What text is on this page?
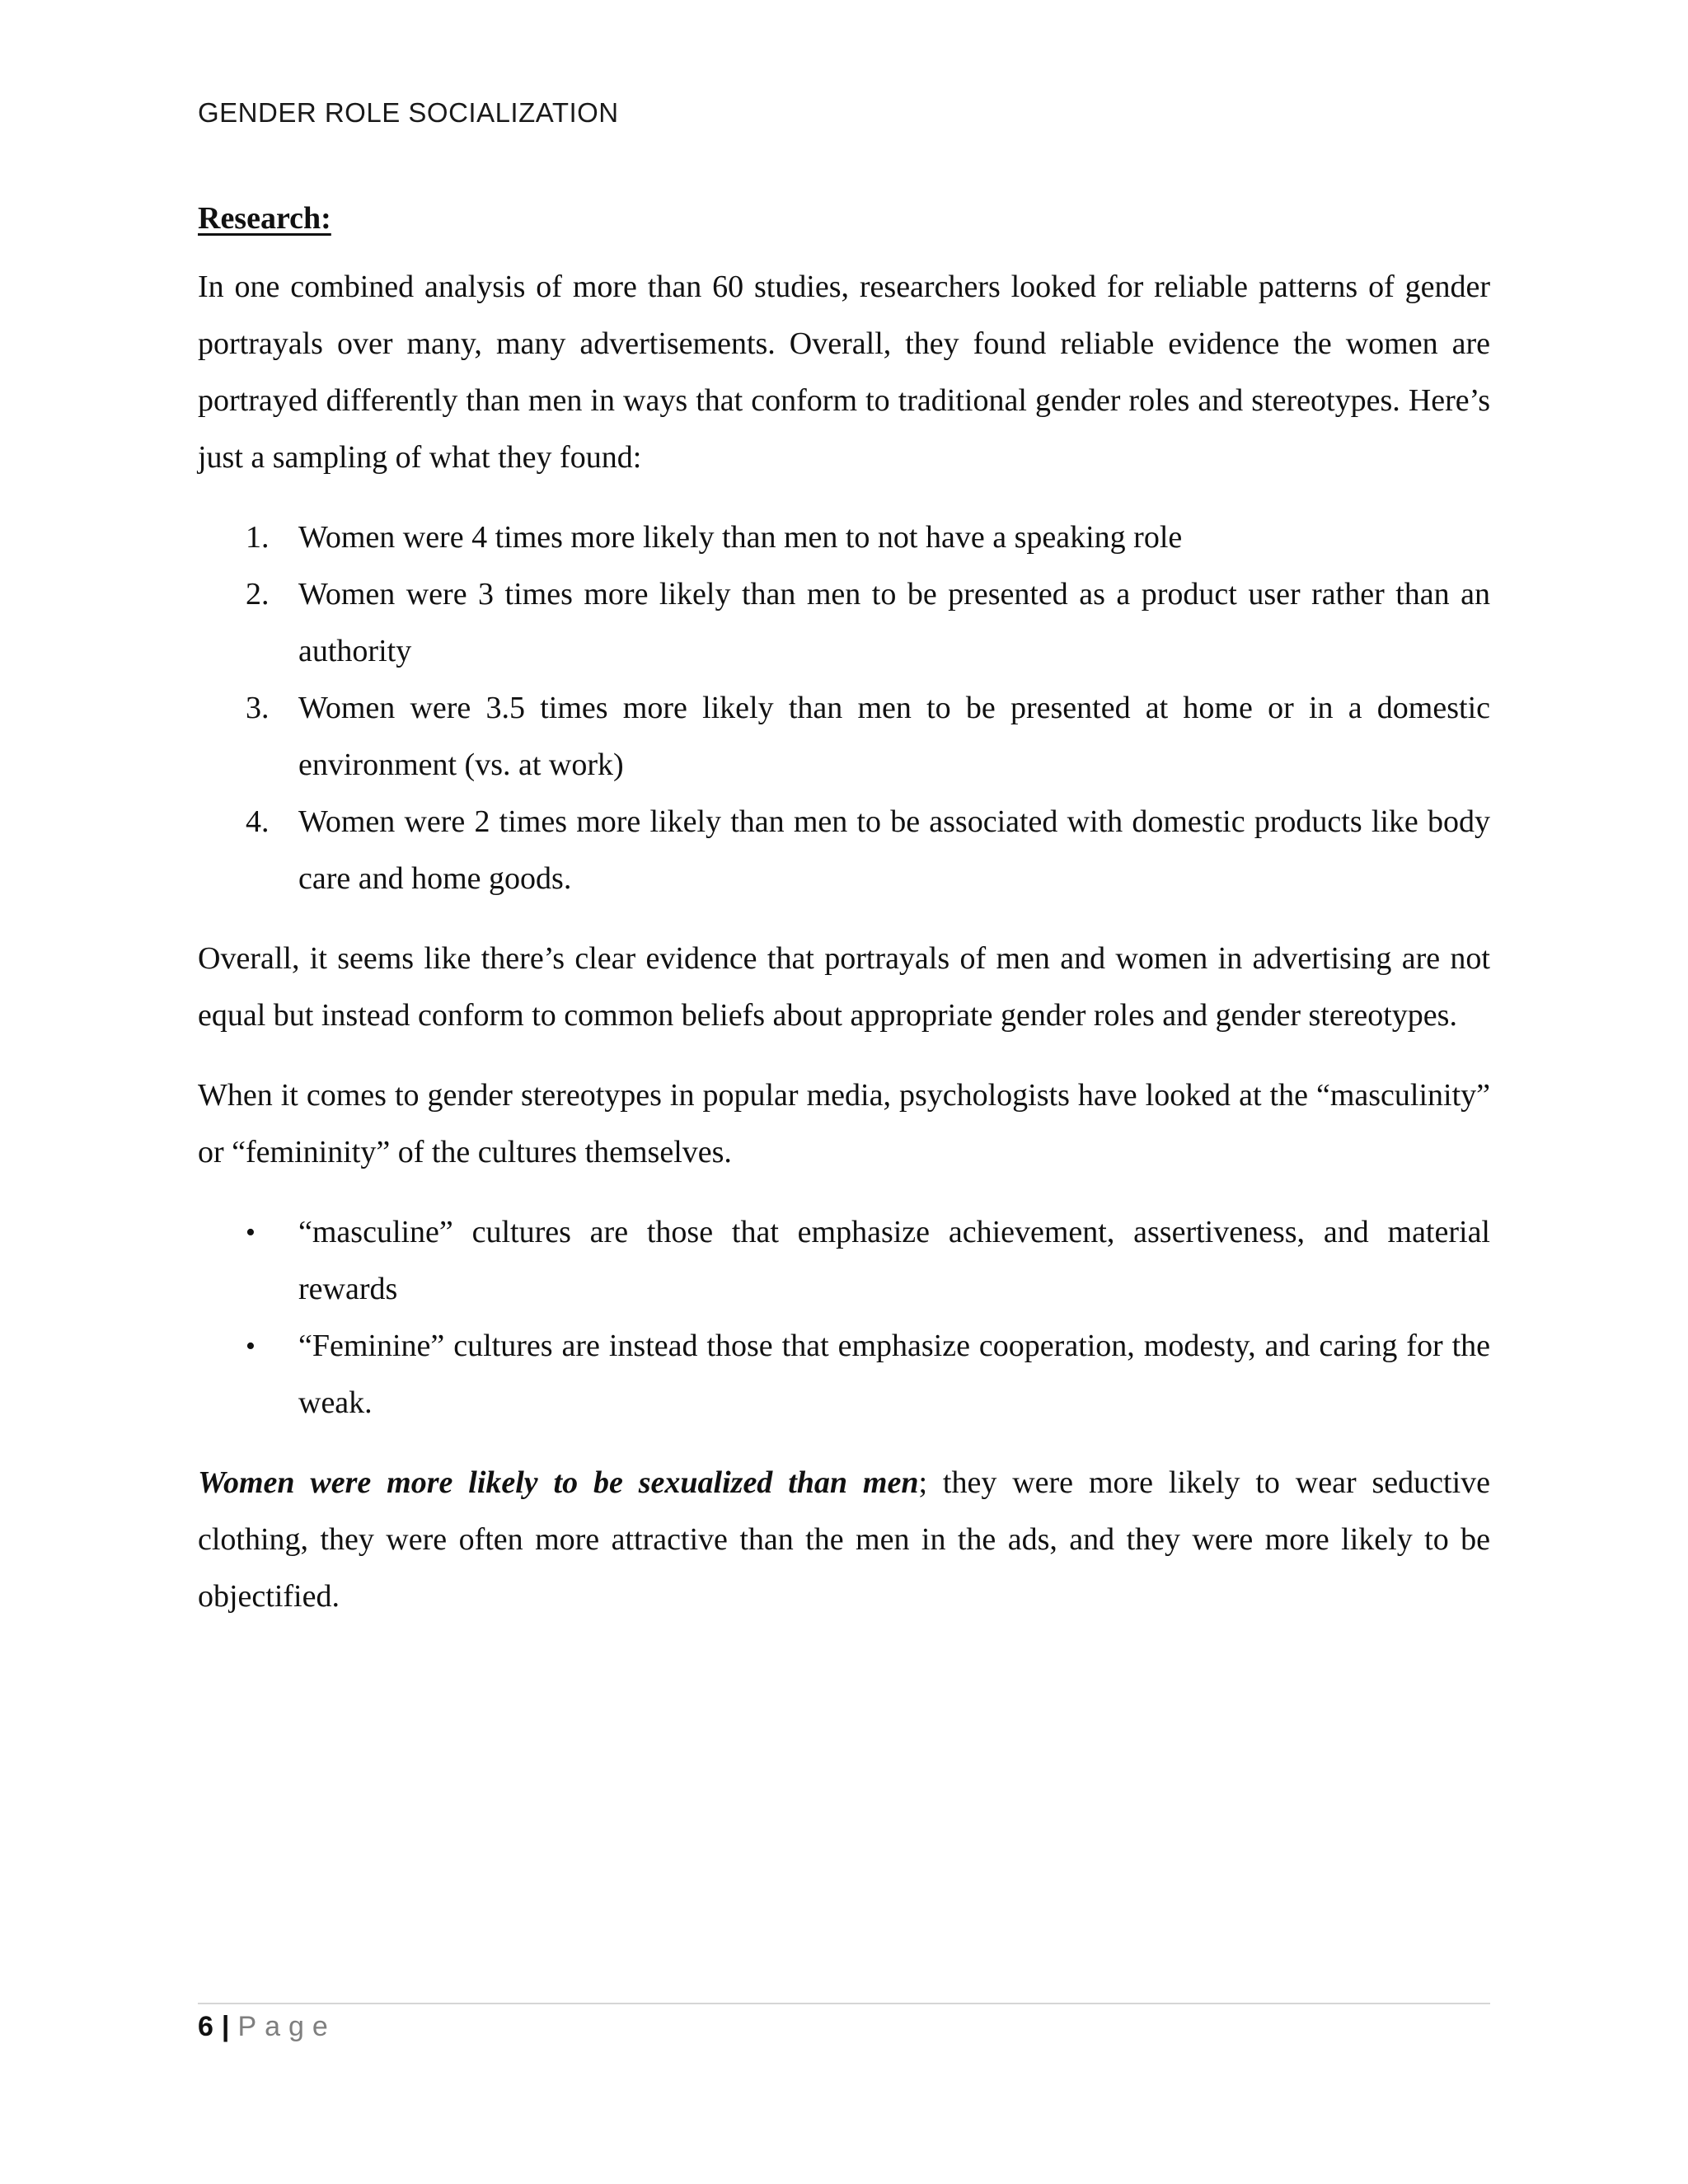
GENDER ROLE SOCIALIZATION
Research:

In one combined analysis of more than 60 studies, researchers looked for reliable patterns of gender portrayals over many, many advertisements. Overall, they found reliable evidence the women are portrayed differently than men in ways that conform to traditional gender roles and stereotypes. Here’s just a sampling of what they found:

1. Women were 4 times more likely than men to not have a speaking role
2. Women were 3 times more likely than men to be presented as a product user rather than an authority
3. Women were 3.5 times more likely than men to be presented at home or in a domestic environment (vs. at work)
4. Women were 2 times more likely than men to be associated with domestic products like body care and home goods.

Overall, it seems like there’s clear evidence that portrayals of men and women in advertising are not equal but instead conform to common beliefs about appropriate gender roles and gender stereotypes.

When it comes to gender stereotypes in popular media, psychologists have looked at the “masculinity” or “femininity” of the cultures themselves.

• “masculine” cultures are those that emphasize achievement, assertiveness, and material rewards
• “Feminine” cultures are instead those that emphasize cooperation, modesty, and caring for the weak.

Women were more likely to be sexualized than men; they were more likely to wear seductive clothing, they were often more attractive than the men in the ads, and they were more likely to be objectified.

6 | Page
